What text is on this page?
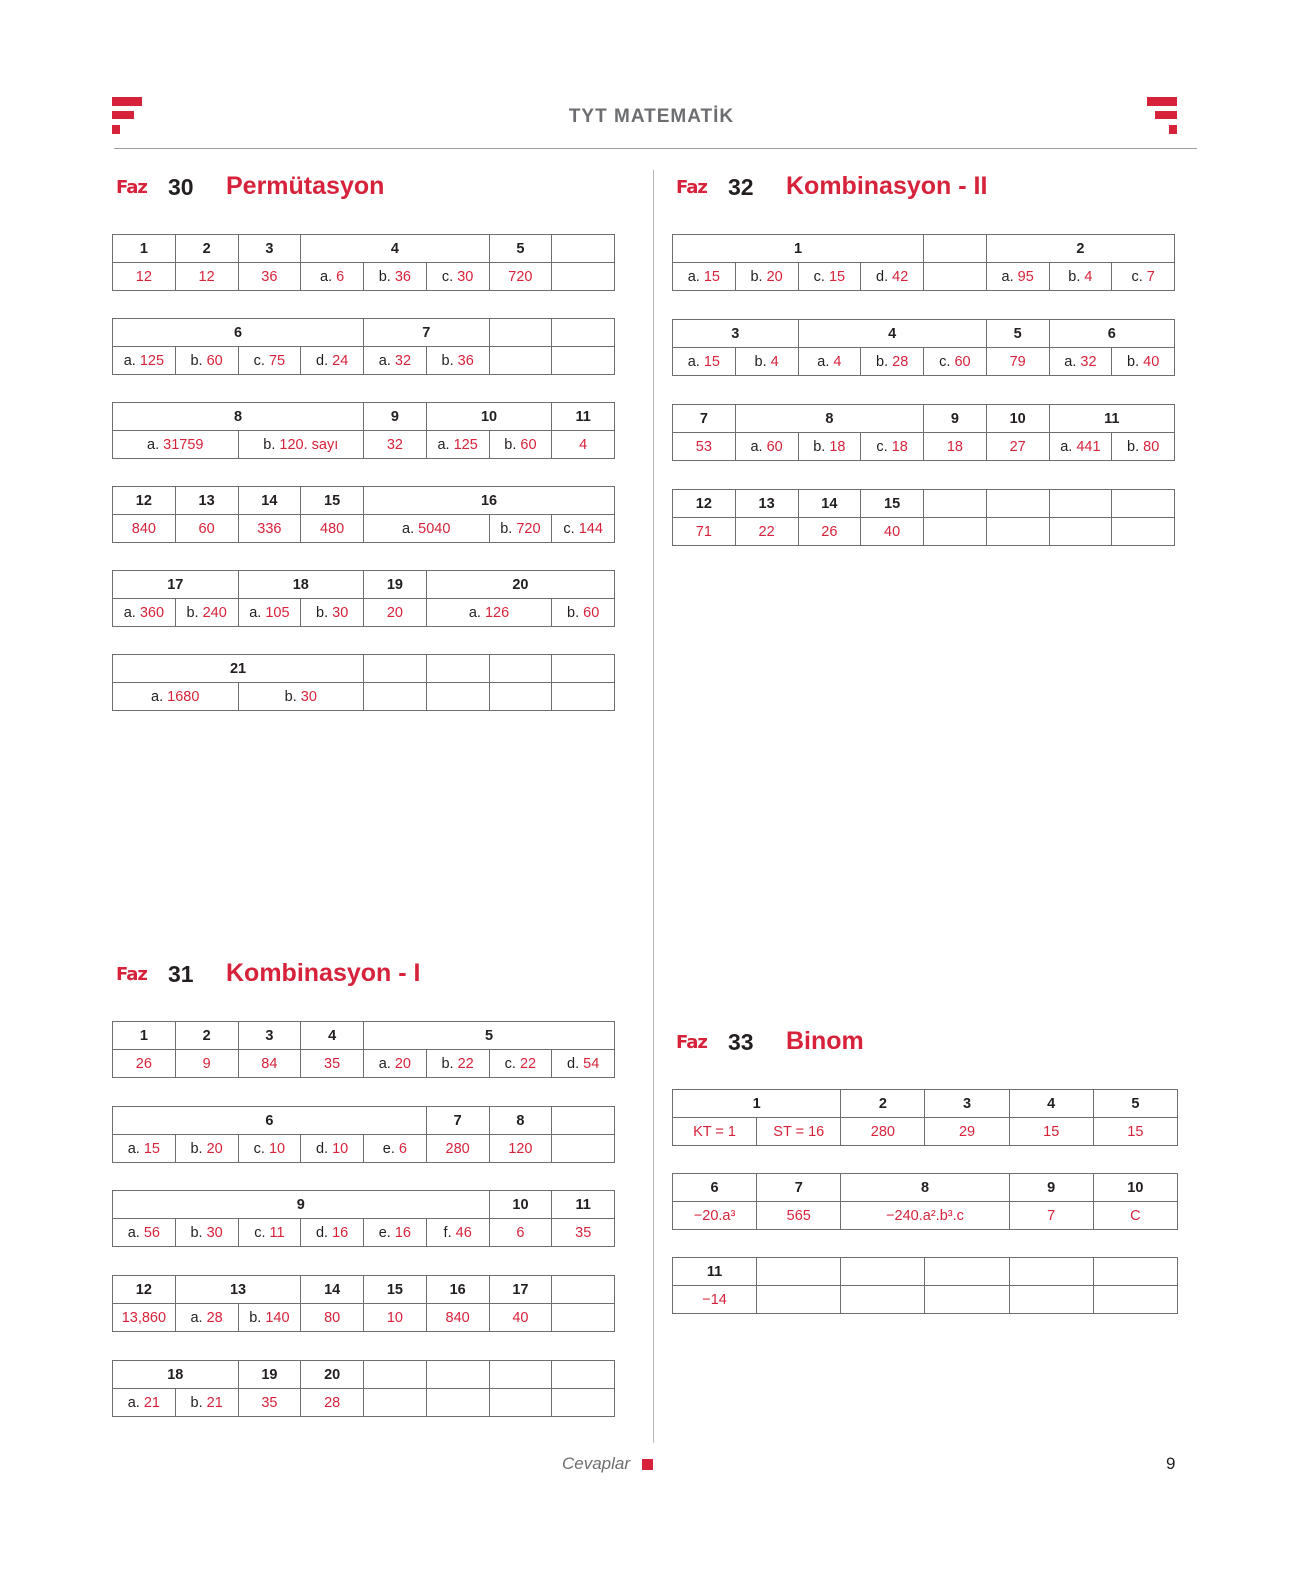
TYT MATEMATİK
Faz 30 Permütasyon
Faz 31 Kombinasyon - I
Faz 32 Kombinasyon - II
Faz 33 Binom
Cevaplar	9
1	2	3	4			5	
12	12	36	a. 6	b. 36	c. 30	720	
6				7			
a. 125	b. 60	c. 75	d. 24	a. 32	b. 36		
8		9	10		11
a. 31759	b. 120. sayı	32	a. 125	b. 60	4
12	13	14	15	16		
840	60	336	480	a. 5040	b. 720	c. 144
17		18		19	20	
a. 360	b. 240	a. 105	b. 30	20	a. 126	b. 60
21					
a. 1680	b. 30				
1	2	3	4	5			
26	9	84	35	a. 20	b. 22	c. 22	d. 54
6					7	8	
a. 15	b. 20	c. 10	d. 10	e. 6	280	120	
9						10	11
a. 56	b. 30	c. 11	d. 16	e. 16	f. 46	6	35
12	13		14	15	16	17	
13,860	a. 28	b. 140	80	10	840	40	
18		19	20				
a. 21	b. 21	35	28				
1					2		
a. 15	b. 20	c. 15	d. 42		a. 95	b. 4	c. 7
3		4			5	6	
a. 15	b. 4	a. 4	b. 28	c. 60	79	a. 32	b. 40
7	8			9	10	11	
53	a. 60	b. 18	c. 18	18	27	a. 441	b. 80
12	13	14	15				
71	22	26	40				
1		2	3	4	5
KT = 1	ST = 16	280	29	15	15
6	7	8	9	10
−20.a³	565	−240.a².b³.c	7	C
11					
−14					
